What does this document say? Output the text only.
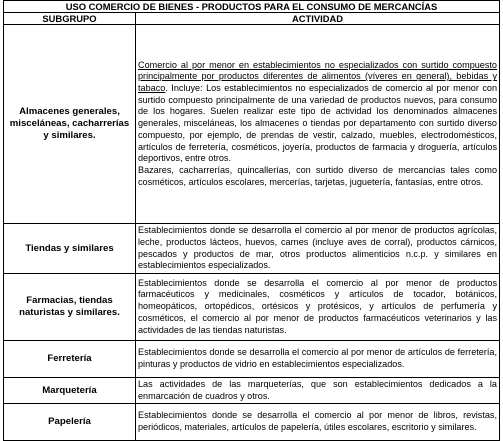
USO COMERCIO DE BIENES - PRODUCTOS PARA EL CONSUMO DE MERCANCÍAS	
SUBGRUPO	ACTIVIDAD
Almacenes generales, misceláneas, cacharrerías y similares.	Comercio al por menor en establecimientos no especializados con surtido compuesto principalmente por productos diferentes de alimentos (víveres en general), bebidas y tabaco. Incluye: Los establecimientos no especializados de comercio al por menor con surtido compuesto principalmente de una variedad de productos nuevos, para consumo de los hogares. Suelen realizar este tipo de actividad los denominados almacenes generales, misceláneas, los almacenes o tiendas por departamento con surtido diverso compuesto, por ejemplo, de prendas de vestir, calzado, muebles, electrodomésticos, artículos de ferretería, cosméticos, joyería, productos de farmacia y droguería, artículos deportivos, entre otros.
Bazares, cacharrerías, quincallerías, con surtido diverso de mercancías tales como cosméticos, artículos escolares, mercerías, tarjetas, juguetería, fantasías, entre otros.

Tiendas y similares	Establecimientos donde se desarrolla el comercio al por menor de productos agrícolas, leche, productos lácteos, huevos, carnes (incluye aves de corral), productos cárnicos, pescados y productos de mar, otros productos alimenticios n.c.p. y similares en establecimientos especializados.
Farmacias, tiendas naturistas y similares.	Establecimientos donde se desarrolla el comercio al por menor de productos farmacéuticos y medicinales, cosméticos y artículos de tocador, botánicos, homeopáticos, ortopédicos, ortésicos y protésicos, y artículos de perfumería y cosméticos, el comercio al por menor de productos farmacéuticos veterinarios y las actividades de las tiendas naturistas.
Ferretería	Establecimientos donde se desarrolla el comercio al por menor de artículos de ferretería, pinturas y productos de vidrio en establecimientos especializados.
Marquetería	Las actividades de las marqueterías, que son establecimientos dedicados a la enmarcación de cuadros y otros.
Papelería	Establecimientos donde se desarrolla el comercio al por menor de libros, revistas, periódicos, materiales, artículos de papelería, útiles escolares, escritorio y similares.
